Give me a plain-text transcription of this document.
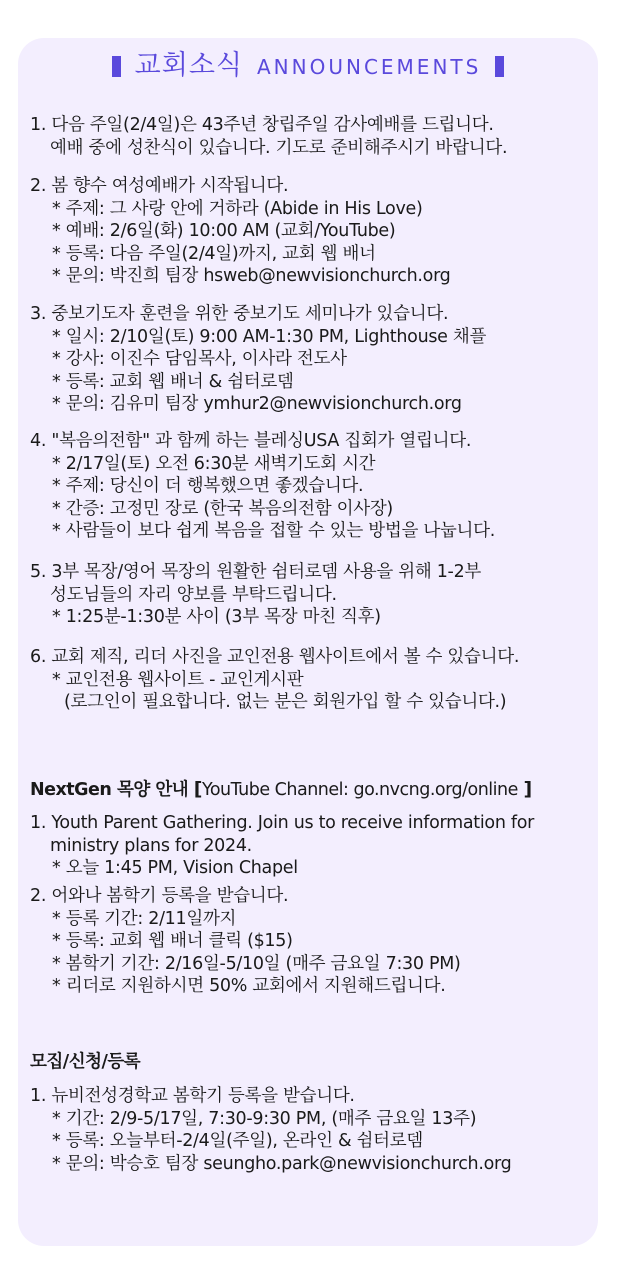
교회소식 ANNOUNCEMENTS
1. 다음 주일(2/4일)은 43주년 창립주일 감사예배를 드립니다.
예배 중에 성찬식이 있습니다. 기도로 준비해주시기 바랍니다.
2. 봄 향수 여성예배가 시작됩니다.
* 주제: 그 사랑 안에 거하라 (Abide in His Love)
* 예배: 2/6일(화) 10:00 AM (교회/YouTube)
* 등록: 다음 주일(2/4일)까지, 교회 웹 배너
* 문의: 박진희 팀장 hsweb@newvisionchurch.org
3. 중보기도자 훈련을 위한 중보기도 세미나가 있습니다.
* 일시: 2/10일(토) 9:00 AM-1:30 PM, Lighthouse 채플
* 강사: 이진수 담임목사, 이사라 전도사
* 등록: 교회 웹 배너 & 쉼터로뎀
* 문의: 김유미 팀장 ymhur2@newvisionchurch.org
4. "복음의전함" 과 함께 하는 블레싱USA 집회가 열립니다.
* 2/17일(토) 오전 6:30분 새벽기도회 시간
* 주제: 당신이 더 행복했으면 좋겠습니다.
* 간증: 고정민 장로 (한국 복음의전함 이사장)
* 사람들이 보다 쉽게 복음을 접할 수 있는 방법을 나눕니다.
5. 3부 목장/영어 목장의 원활한 쉼터로뎀 사용을 위해 1-2부
성도님들의 자리 양보를 부탁드립니다.
* 1:25분-1:30분 사이 (3부 목장 마친 직후)
6. 교회 제직, 리더 사진을 교인전용 웹사이트에서 볼 수 있습니다.
* 교인전용 웹사이트 - 교인게시판
(로그인이 필요합니다. 없는 분은 회원가입 할 수 있습니다.)
NextGen 목양 안내 [YouTube Channel: go.nvcng.org/online ]
1. Youth Parent Gathering. Join us to receive information for
ministry plans for 2024.
* 오늘 1:45 PM, Vision Chapel
2. 어와나 봄학기 등록을 받습니다.
* 등록 기간: 2/11일까지
* 등록: 교회 웹 배너 클릭 ($15)
* 봄학기 기간: 2/16일-5/10일 (매주 금요일 7:30 PM)
* 리더로 지원하시면 50% 교회에서 지원해드립니다.
모집/신청/등록
1. 뉴비전성경학교 봄학기 등록을 받습니다.
* 기간: 2/9-5/17일, 7:30-9:30 PM, (매주 금요일 13주)
* 등록: 오늘부터-2/4일(주일), 온라인 & 쉼터로뎀
* 문의: 박승호 팀장 seungho.park@newvisionchurch.org
